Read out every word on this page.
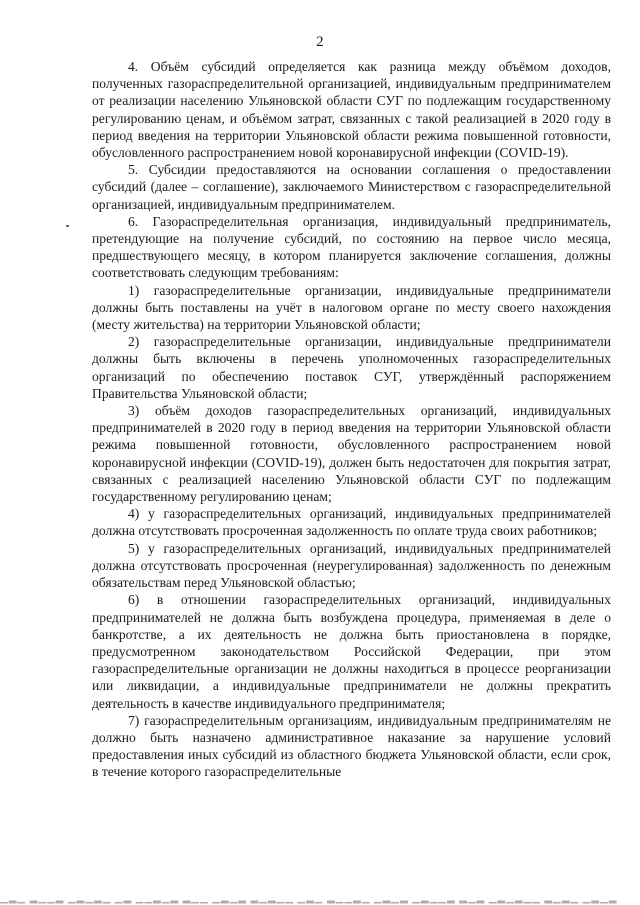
2

4. Объём субсидий определяется как разница между объёмом доходов, полученных газораспределительной организацией, индивидуальным предпринимателем от реализации населению Ульяновской области СУГ по подлежащим государственному регулированию ценам, и объёмом затрат, связанных с такой реализацией в 2020 году в период введения на территории Ульяновской области режима повышенной готовности, обусловленного распространением новой коронавирусной инфекции (COVID-19).

5. Субсидии предоставляются на основании соглашения о предоставлении субсидий (далее – соглашение), заключаемого Министерством с газораспределительной организацией, индивидуальным предпринимателем.

6. Газораспределительная организация, индивидуальный предприниматель, претендующие на получение субсидий, по состоянию на первое число месяца, предшествующего месяцу, в котором планируется заключение соглашения, должны соответствовать следующим требованиям:

1) газораспределительные организации, индивидуальные предприниматели должны быть поставлены на учёт в налоговом органе по месту своего нахождения (месту жительства) на территории Ульяновской области;

2) газораспределительные организации, индивидуальные предприниматели должны быть включены в перечень уполномоченных газораспределительных организаций по обеспечению поставок СУГ, утверждённый распоряжением Правительства Ульяновской области;

3) объём доходов газораспределительных организаций, индивидуальных предпринимателей в 2020 году в период введения на территории Ульяновской области режима повышенной готовности, обусловленного распространением новой коронавирусной инфекции (COVID-19), должен быть недостаточен для покрытия затрат, связанных с реализацией населению Ульяновской области СУГ по подлежащим государственному регулированию ценам;

4) у газораспределительных организаций, индивидуальных предпринимателей должна отсутствовать просроченная задолженность по оплате труда своих работников;

5) у газораспределительных организаций, индивидуальных предпринимателей должна отсутствовать просроченная (неурегулированная) задолженность по денежным обязательствам перед Ульяновской областью;

6) в отношении газораспределительных организаций, индивидуальных предпринимателей не должна быть возбуждена процедура, применяемая в деле о банкротстве, а их деятельность не должна быть приостановлена в порядке, предусмотренном законодательством Российской Федерации, при этом газораспределительные организации не должны находиться в процессе реорганизации или ликвидации, а индивидуальные предприниматели не должны прекратить деятельность в качестве индивидуального предпринимателя;

7) газораспределительным организациям, индивидуальным предпринимателям не должно быть назначено административное наказание за нарушение условий предоставления иных субсидий из областного бюджета Ульяновской области, если срок, в течение которого газораспределительные

▁▂▁ ▂▁▁▂ ▁▂▁▂▁ ▁▂ ▁▁▂▁▂ ▂▁▁ ▁▂▁▂ ▂▁▂▁▁ ▁▂▁ ▂▁▁▂▁ ▁▂▁▂ ▁▂▁▁▂ ▂▁▂ ▁▂▁▂▁▁ ▂▁▂▁ ▁▂▁▂
